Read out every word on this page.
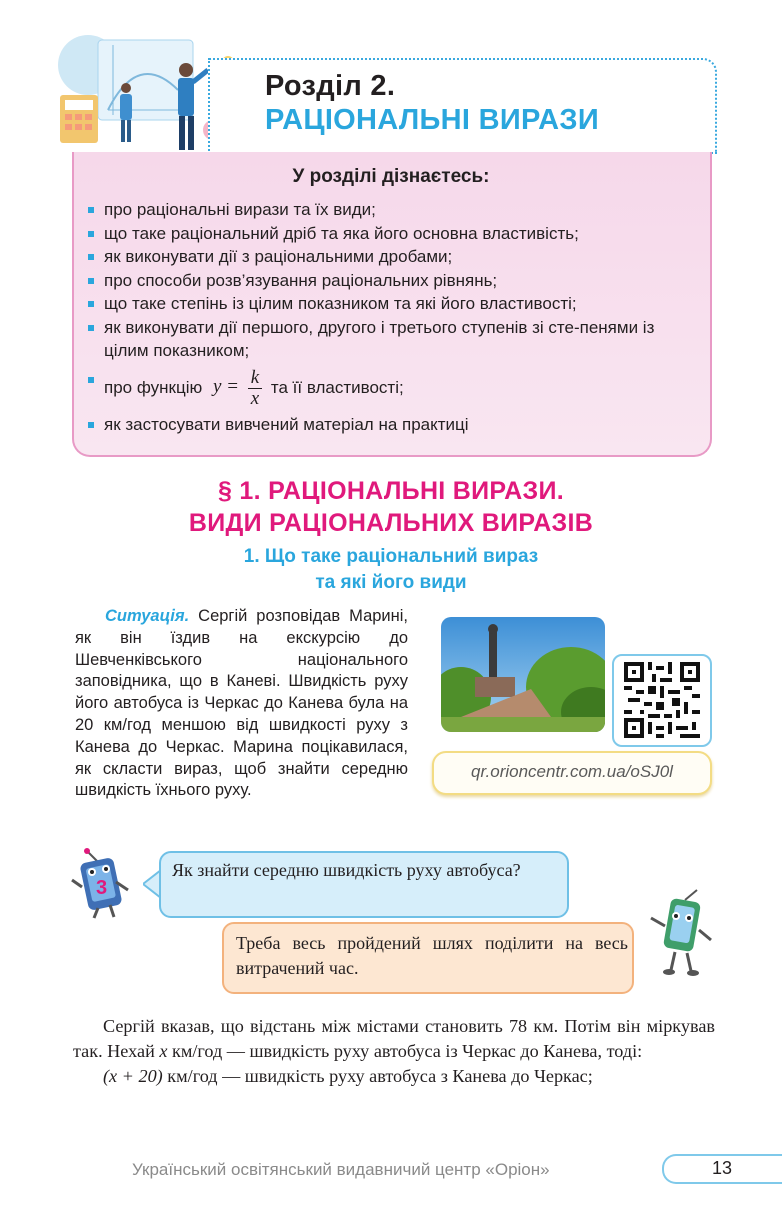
Розділ 2.
РАЦІОНАЛЬНІ ВИРАЗИ
У розділі дізнаєтесь:
про раціональні вирази та їх види;
що таке раціональний дріб та яка його основна властивість;
як виконувати дії з раціональними дробами;
про способи розв’язування раціональних рівнянь;
що таке степінь із цілим показником та які його властивості;
як виконувати дії першого, другого і третього ступенів зі сте-пенями із цілим показником;
про функцію $y = \frac{k}{x}$ та її властивості;
як застосувати вивчений матеріал на практиці
§ 1. РАЦІОНАЛЬНІ ВИРАЗИ.
ВИДИ РАЦІОНАЛЬНИХ ВИРАЗІВ
1. Що таке раціональний вираз
та які його види
Ситуація. Сергій розповідав Марині, як він їздив на екскурсію до Шевченківського національного заповідника, що в Каневі. Швидкість руху його автобуса із Черкас до Канева була на 20 км/год меншою від швидкості руху з Канева до Черкас. Марина поцікавилася, як скласти вираз, щоб знайти середню швидкість їхнього руху.
qr.orioncentr.com.ua/oSJ0l
3
Як знайти середню швидкість руху автобуса?
Треба весь пройдений шлях поділити на весь витрачений час.

Сергій вказав, що відстань між містами становить 78 км. Потім він міркував так. Нехай x км/год — швидкість руху автобуса із Черкас до Канева, тоді:

(x + 20) км/год — швидкість руху автобуса з Канева до Черкас;

Український освітянський видавничий центр «Оріон»	13
